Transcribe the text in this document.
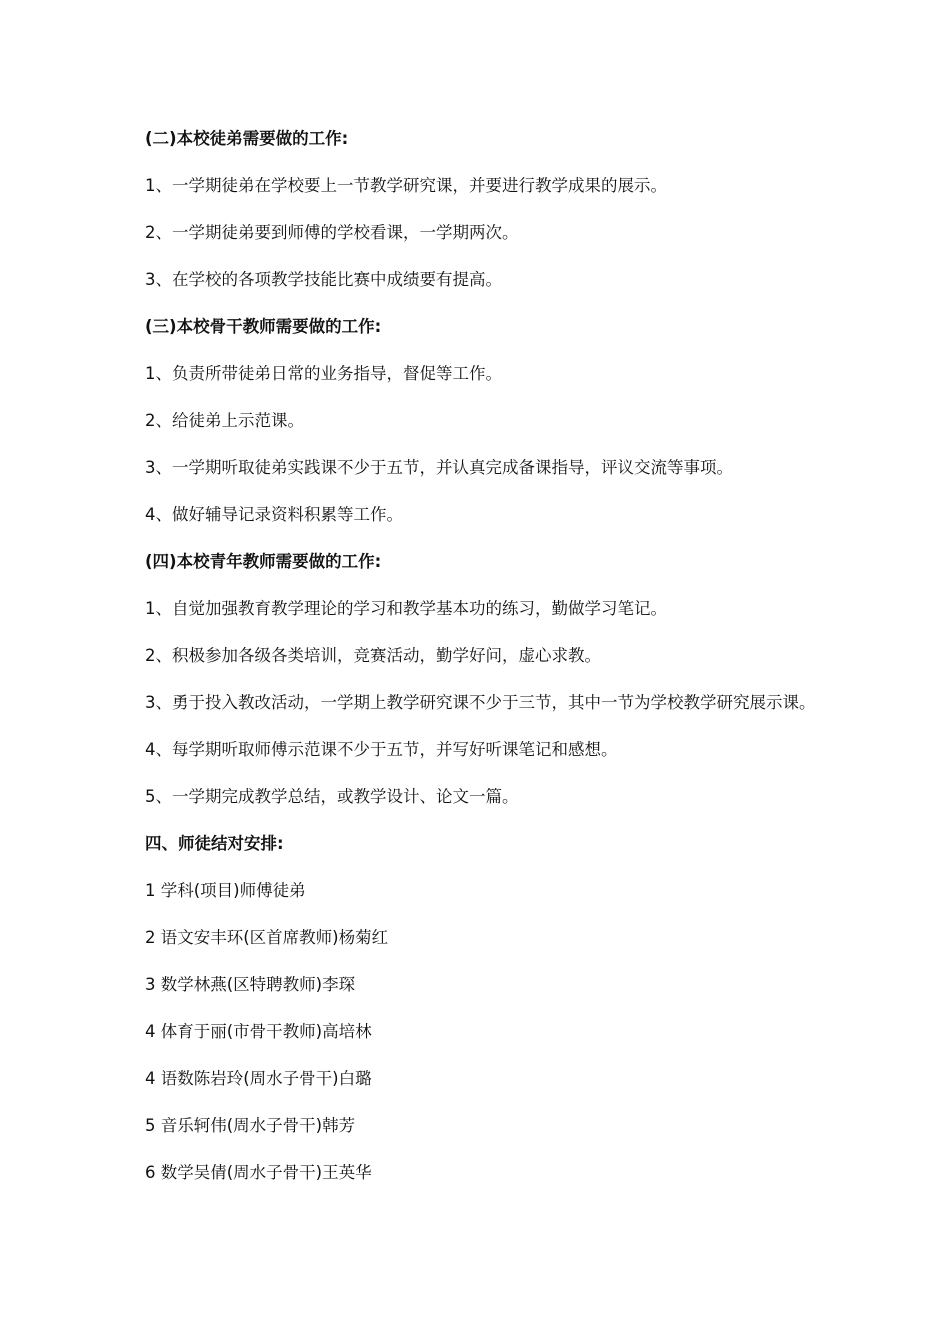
(二)本校徒弟需要做的工作:

1、一学期徒弟在学校要上一节教学研究课，并要进行教学成果的展示。

2、一学期徒弟要到师傅的学校看课，一学期两次。

3、在学校的各项教学技能比赛中成绩要有提高。

(三)本校骨干教师需要做的工作:

1、负责所带徒弟日常的业务指导，督促等工作。

2、给徒弟上示范课。

3、一学期听取徒弟实践课不少于五节，并认真完成备课指导，评议交流等事项。

4、做好辅导记录资料积累等工作。

(四)本校青年教师需要做的工作:

1、自觉加强教育教学理论的学习和教学基本功的练习，勤做学习笔记。

2、积极参加各级各类培训，竞赛活动，勤学好问，虚心求教。

3、勇于投入教改活动，一学期上教学研究课不少于三节，其中一节为学校教学研究展示课。

4、每学期听取师傅示范课不少于五节，并写好听课笔记和感想。

5、一学期完成教学总结，或教学设计、论文一篇。

四、师徒结对安排:

1 学科(项目)师傅徒弟

2 语文安丰环(区首席教师)杨菊红

3 数学林燕(区特聘教师)李琛

4 体育于丽(市骨干教师)高培林

4 语数陈岩玲(周水子骨干)白璐

5 音乐轲伟(周水子骨干)韩芳

6 数学吴倩(周水子骨干)王英华
